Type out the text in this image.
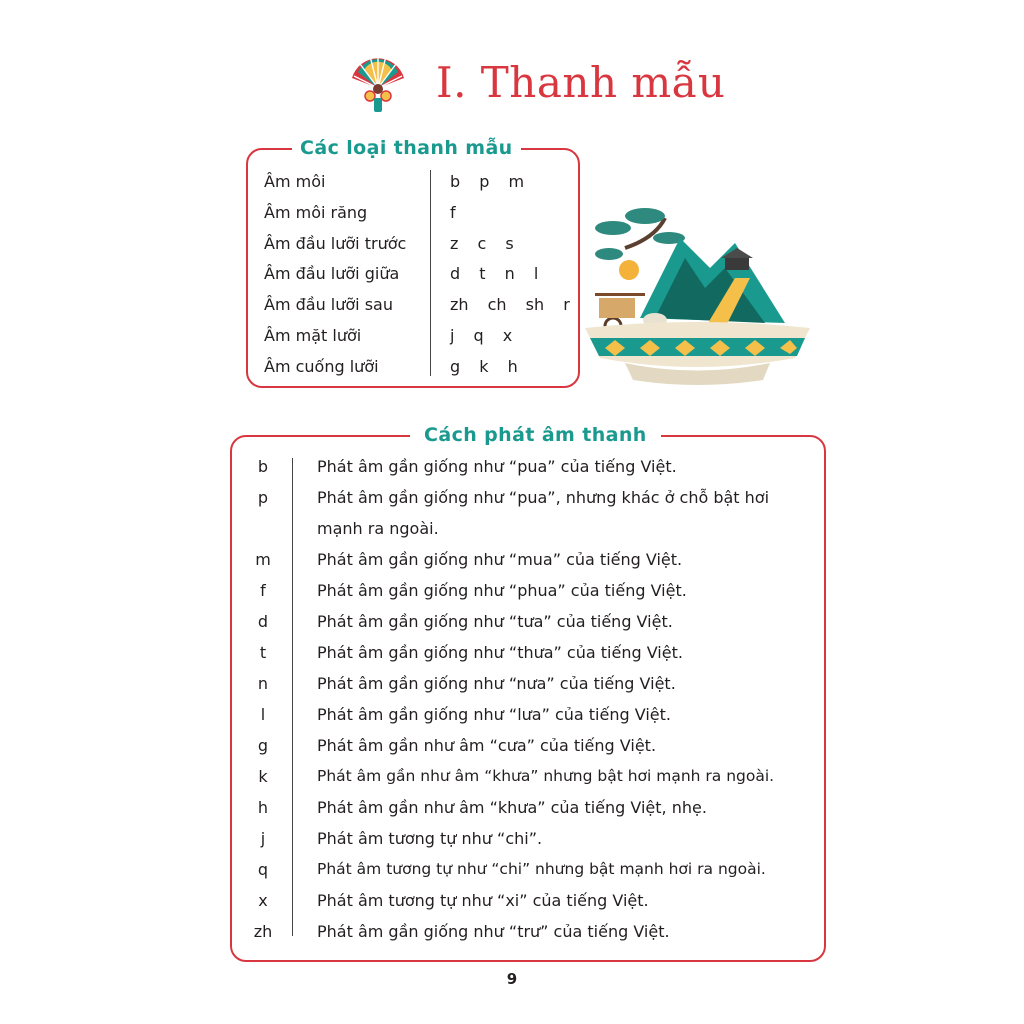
I. Thanh mẫu
Các loại thanh mẫu
Âm môi	b p m
Âm môi răng	f
Âm đầu lưỡi trước	z c s
Âm đầu lưỡi giữa	d t n l
Âm đầu lưỡi sau	zh ch sh r
Âm mặt lưỡi	j q x
Âm cuống lưỡi	g k h
Cách phát âm thanh
b	Phát âm gần giống như “pua” của tiếng Việt.
p	Phát âm gần giống như “pua”, nhưng khác ở chỗ bật hơi mạnh ra ngoài.
m	Phát âm gần giống như “mua” của tiếng Việt.
f	Phát âm gần giống như “phua” của tiếng Việt.
d	Phát âm gần giống như “tưa” của tiếng Việt.
t	Phát âm gần giống như “thưa” của tiếng Việt.
n	Phát âm gần giống như “nưa” của tiếng Việt.
l	Phát âm gần giống như “lưa” của tiếng Việt.
g	Phát âm gần như âm “cưa” của tiếng Việt.
k	Phát âm gần như âm “khưa” nhưng bật hơi mạnh ra ngoài.
h	Phát âm gần như âm “khưa” của tiếng Việt, nhẹ.
j	Phát âm tương tự như “chi”.
q	Phát âm tương tự như “chi” nhưng bật mạnh hơi ra ngoài.
x	Phát âm tương tự như “xi” của tiếng Việt.
zh	Phát âm gần giống như “trư” của tiếng Việt.
9
